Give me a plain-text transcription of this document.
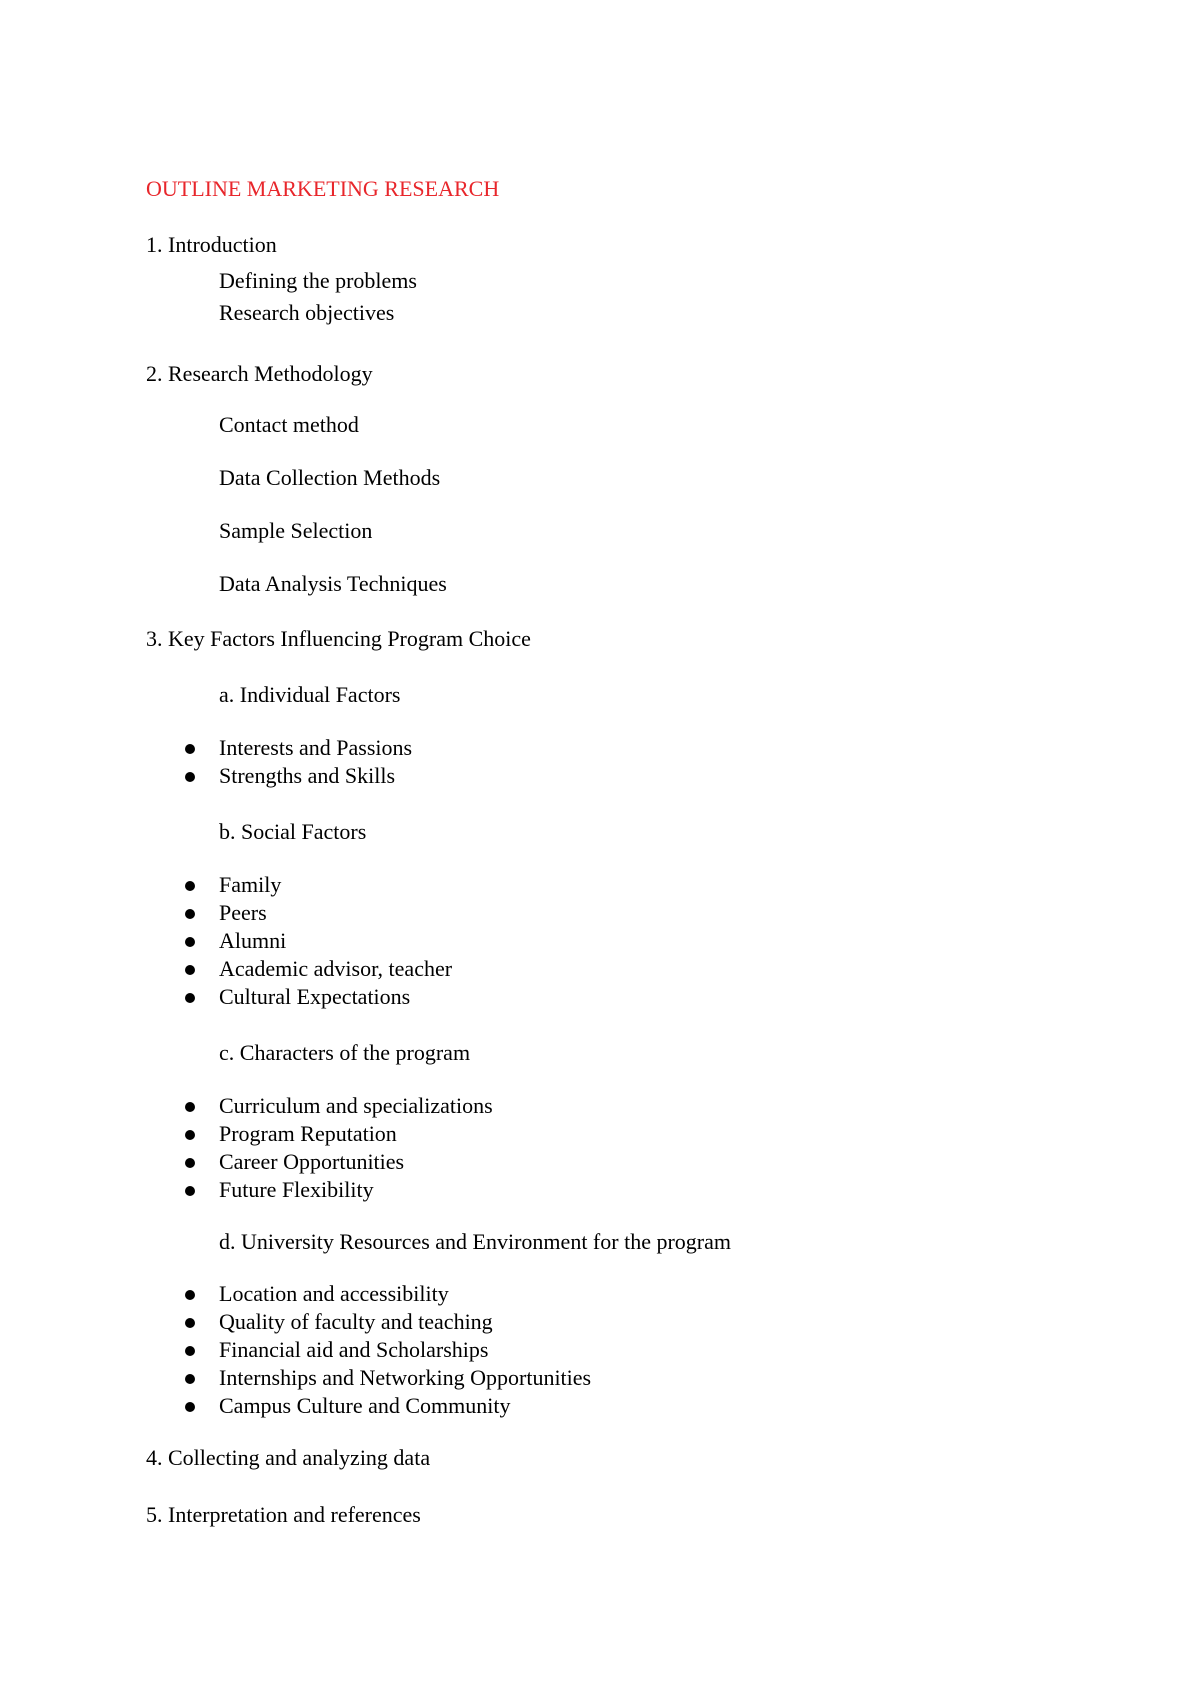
OUTLINE MARKETING RESEARCH
1. Introduction
Defining the problems
Research objectives
2. Research Methodology
Contact method
Data Collection Methods
Sample Selection
Data Analysis Techniques
3. Key Factors Influencing Program Choice
a. Individual Factors
Interests and Passions
Strengths and Skills
b. Social Factors
Family
Peers
Alumni
Academic advisor, teacher
Cultural Expectations
c. Characters of the program
Curriculum and specializations
Program Reputation
Career Opportunities
Future Flexibility
d. University Resources and Environment for the program
Location and accessibility
Quality of faculty and teaching
Financial aid and Scholarships
Internships and Networking Opportunities
Campus Culture and Community
4. Collecting and analyzing data
5. Interpretation and references
